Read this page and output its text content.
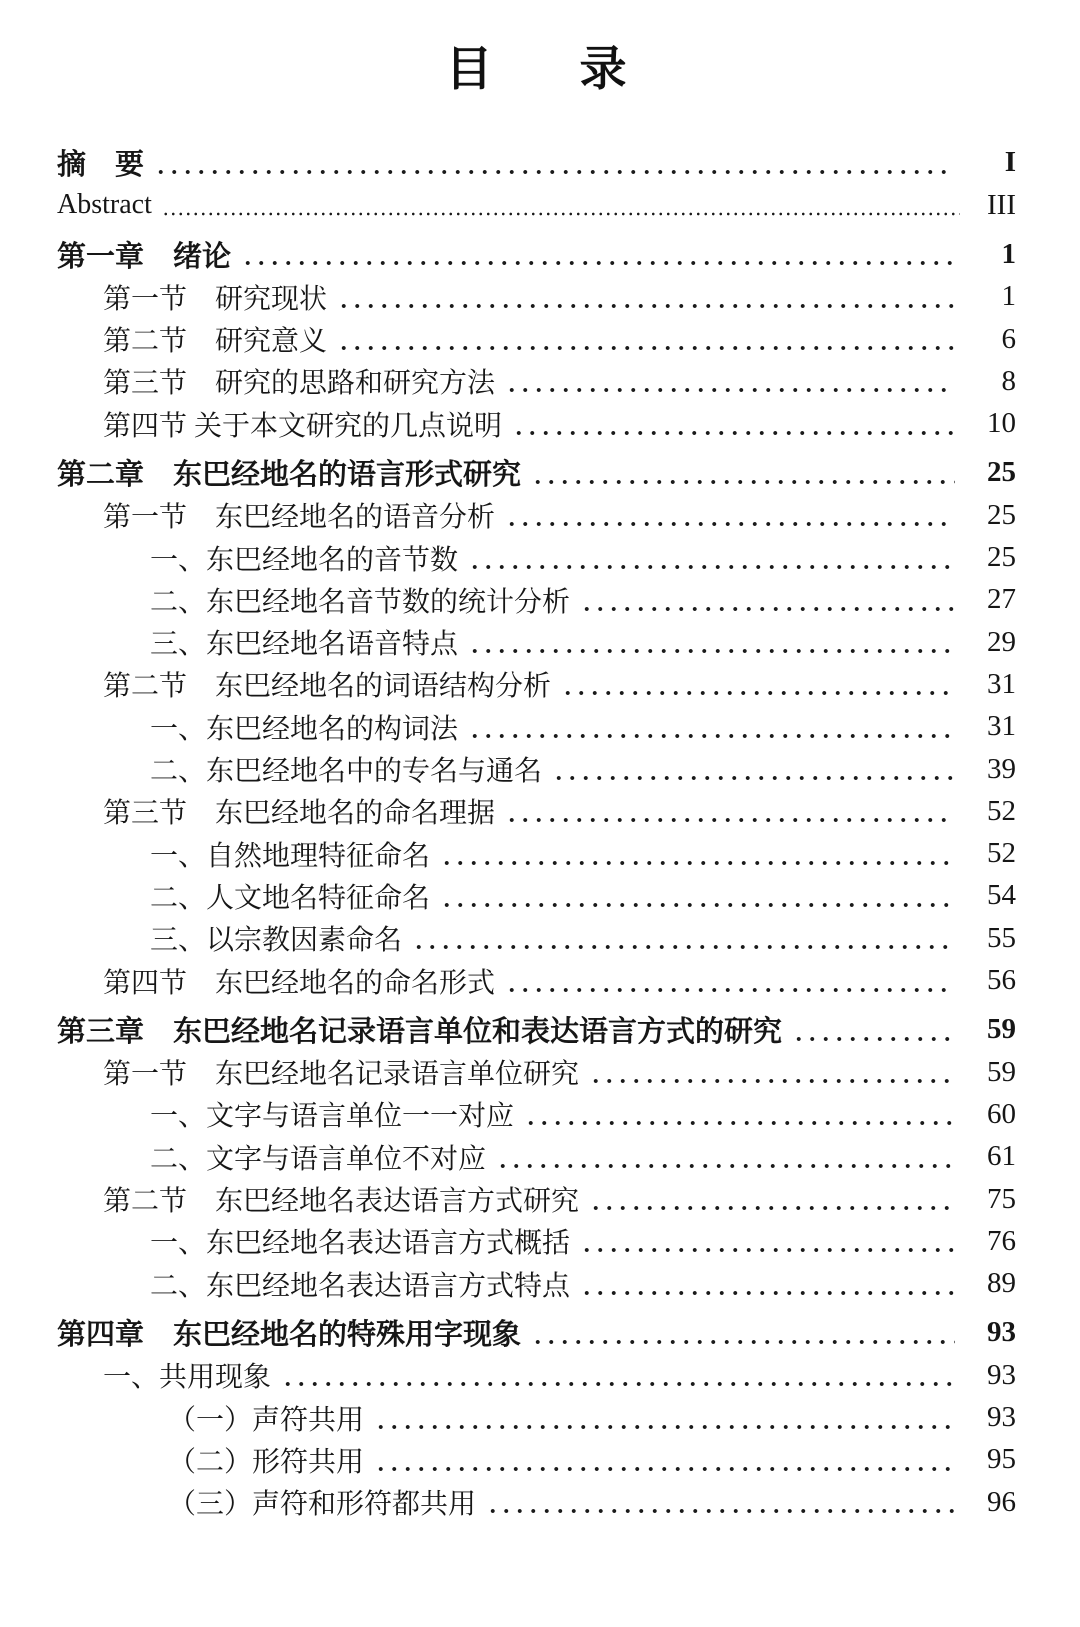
目 录
摘　要	I
Abstract	III
第一章　绪论	1
第一节　研究现状	1
第二节　研究意义	6
第三节　研究的思路和研究方法	8
第四节 关于本文研究的几点说明	10
第二章　东巴经地名的语言形式研究	25
第一节　东巴经地名的语音分析	25
一、东巴经地名的音节数	25
二、东巴经地名音节数的统计分析	27
三、东巴经地名语音特点	29
第二节　东巴经地名的词语结构分析	31
一、东巴经地名的构词法	31
二、东巴经地名中的专名与通名	39
第三节　东巴经地名的命名理据	52
一、自然地理特征命名	52
二、人文地名特征命名	54
三、以宗教因素命名	55
第四节　东巴经地名的命名形式	56
第三章　东巴经地名记录语言单位和表达语言方式的研究	59
第一节　东巴经地名记录语言单位研究	59
一、文字与语言单位一一对应	60
二、文字与语言单位不对应	61
第二节　东巴经地名表达语言方式研究	75
一、东巴经地名表达语言方式概括	76
二、东巴经地名表达语言方式特点	89
第四章　东巴经地名的特殊用字现象	93
一、共用现象	93
（一）声符共用	93
（二）形符共用	95
（三）声符和形符都共用	96
